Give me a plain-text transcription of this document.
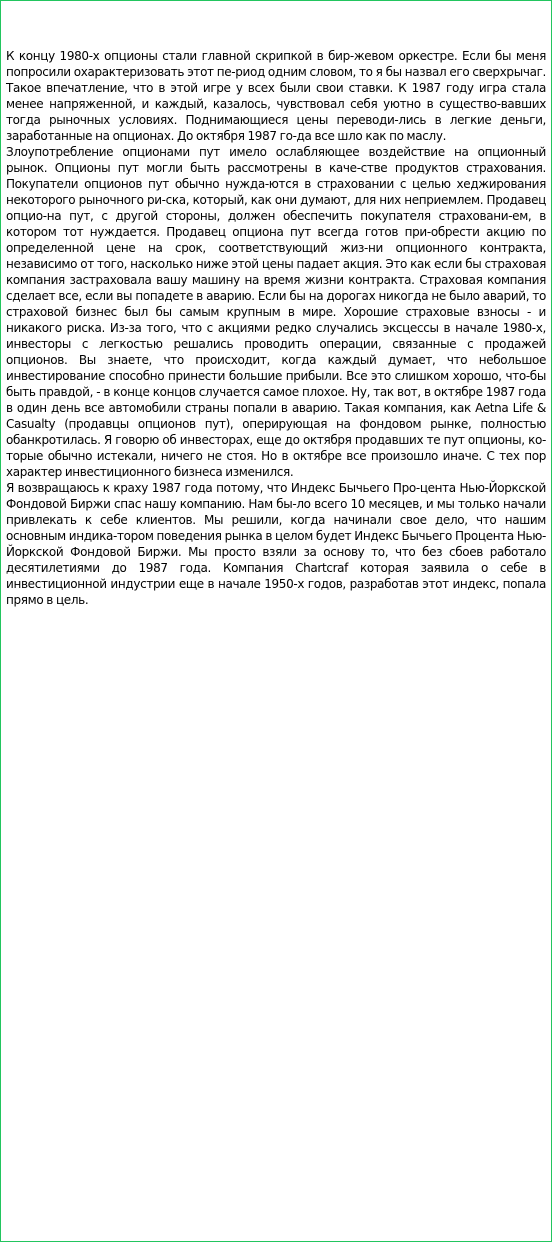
К концу 1980-х опционы стали главной скрипкой в бир-жевом оркестре. Если бы меня попросили охарактеризовать этот пе-риод одним словом, то я бы назвал его сверхрычаг. Такое впечатление, что в этой игре у всех были свои ставки. К 1987 году игра стала менее напряженной, и каждый, казалось, чувствовал себя уютно в существо-вавших тогда рыночных условиях. Поднимающиеся цены переводи-лись в легкие деньги, заработанные на опционах. До октября 1987 го-да все шло как по маслу.

Злоупотребление опционами пут имело ослабляющее воздействие на опционный рынок. Опционы пут могли быть рассмотрены в каче-стве продуктов страхования. Покупатели опционов пут обычно нужда-ются в страховании с целью хеджирования некоторого рыночного ри-ска, который, как они думают, для них неприемлем. Продавец опцио-на пут, с другой стороны, должен обеспечить покупателя страховани-ем, в котором тот нуждается. Продавец опциона пут всегда готов при-обрести акцию по определенной цене на срок, соответствующий жиз-ни опционного контракта, независимо от того, насколько ниже этой цены падает акция. Это как если бы страховая компания застраховала вашу машину на время жизни контракта. Страховая компания сделает все, если вы попадете в аварию. Если бы на дорогах никогда не было аварий, то страховой бизнес был бы самым крупным в мире. Хорошие страховые взносы - и никакого риска. Из-за того, что с акциями редко случались эксцессы в начале 1980-х, инвесторы с легкостью решались проводить операции, связанные с продажей опционов. Вы знаете, что происходит, когда каждый думает, что небольшое инвестирование способно принести большие прибыли. Все это слишком хорошо, что-бы быть правдой, - в конце концов случается самое плохое. Ну, так вот, в октябре 1987 года в один день все автомобили страны попали в аварию. Такая компания, как Aetna Life & Casualty (продавцы опционов пут), оперирующая на фондовом рынке, полностью обанкротилась. Я говорю об инвесторах, еще до октября продавших те пут опционы, ко-торые обычно истекали, ничего не стоя. Но в октябре все произошло иначе. С тех пор характер инвестиционного бизнеса изменился.

Я возвращаюсь к краху 1987 года потому, что Индекс Бычьего Про-цента Нью-Йоркской Фондовой Биржи спас нашу компанию. Нам бы-ло всего 10 месяцев, и мы только начали привлекать к себе клиентов. Мы решили, когда начинали свое дело, что нашим основным индика-тором поведения рынка в целом будет Индекс Бычьего Процента Нью-Йоркской Фондовой Биржи. Мы просто взяли за основу то, что без сбоев работало десятилетиями до 1987 года. Компания Chartcraf которая заявила о себе в инвестиционной индустрии еще в начале 1950-х годов, разработав этот индекс, попала прямо в цель.
